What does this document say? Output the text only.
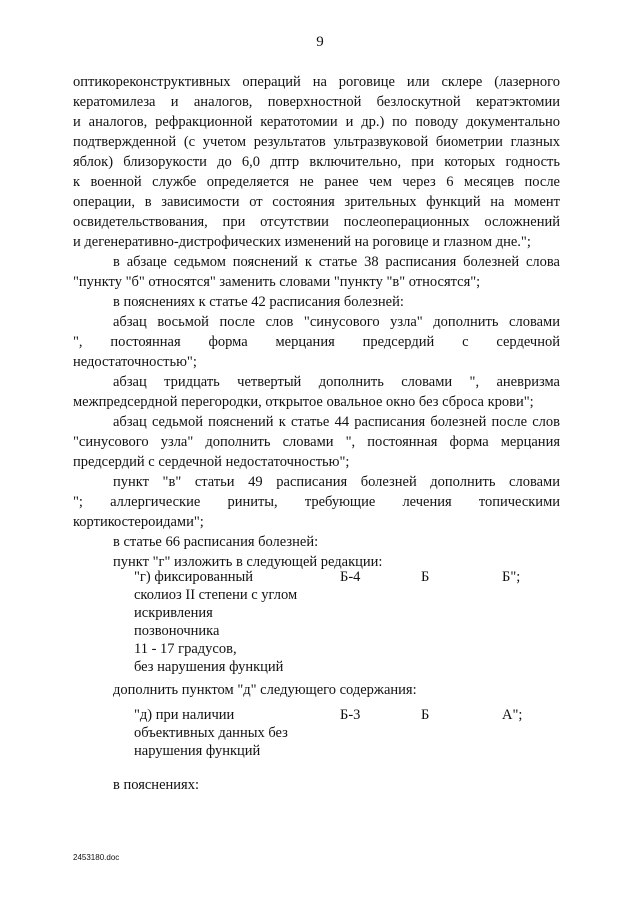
9
оптикореконструктивных операций на роговице или склере (лазерного
кератомилеза и аналогов, поверхностной безлоскутной кератэктомии
и аналогов, рефракционной кератотомии и др.) по поводу документально
подтвержденной (с учетом результатов ультразвуковой биометрии глазных
яблок) близорукости до 6,0 дптр включительно, при которых годность
к военной службе определяется не ранее чем через 6 месяцев после
операции, в зависимости от состояния зрительных функций на момент
освидетельствования, при отсутствии послеоперационных осложнений
и дегенеративно-дистрофических изменений на роговице и глазном дне.";
в абзаце седьмом пояснений к статье 38 расписания болезней слова
"пункту "б" относятся" заменить словами "пункту "в" относятся";
в пояснениях к статье 42 расписания болезней:
абзац восьмой после слов "синусового узла" дополнить словами
", постоянная форма мерцания предсердий с сердечной
недостаточностью";
абзац тридцать четвертый дополнить словами ", аневризма
межпредсердной перегородки, открытое овальное окно без сброса крови";
абзац седьмой пояснений к статье 44 расписания болезней после слов
"синусового узла" дополнить словами ", постоянная форма мерцания
предсердий с сердечной недостаточностью";
пункт "в" статьи 49 расписания болезней дополнить словами
"; аллергические риниты, требующие лечения топическими
кортикостероидами";
в статье 66 расписания болезней:
пункт "г" изложить в следующей редакции:
"г) фиксированный
сколиоз II степени с углом
искривления
позвоночника
11 - 17 градусов,
без нарушения функций
Б-4	Б	Б";
дополнить пунктом "д" следующего содержания:
"д) при наличии
объективных данных без
нарушения функций
Б-3	Б	А";
в пояснениях:
2453180.doc
